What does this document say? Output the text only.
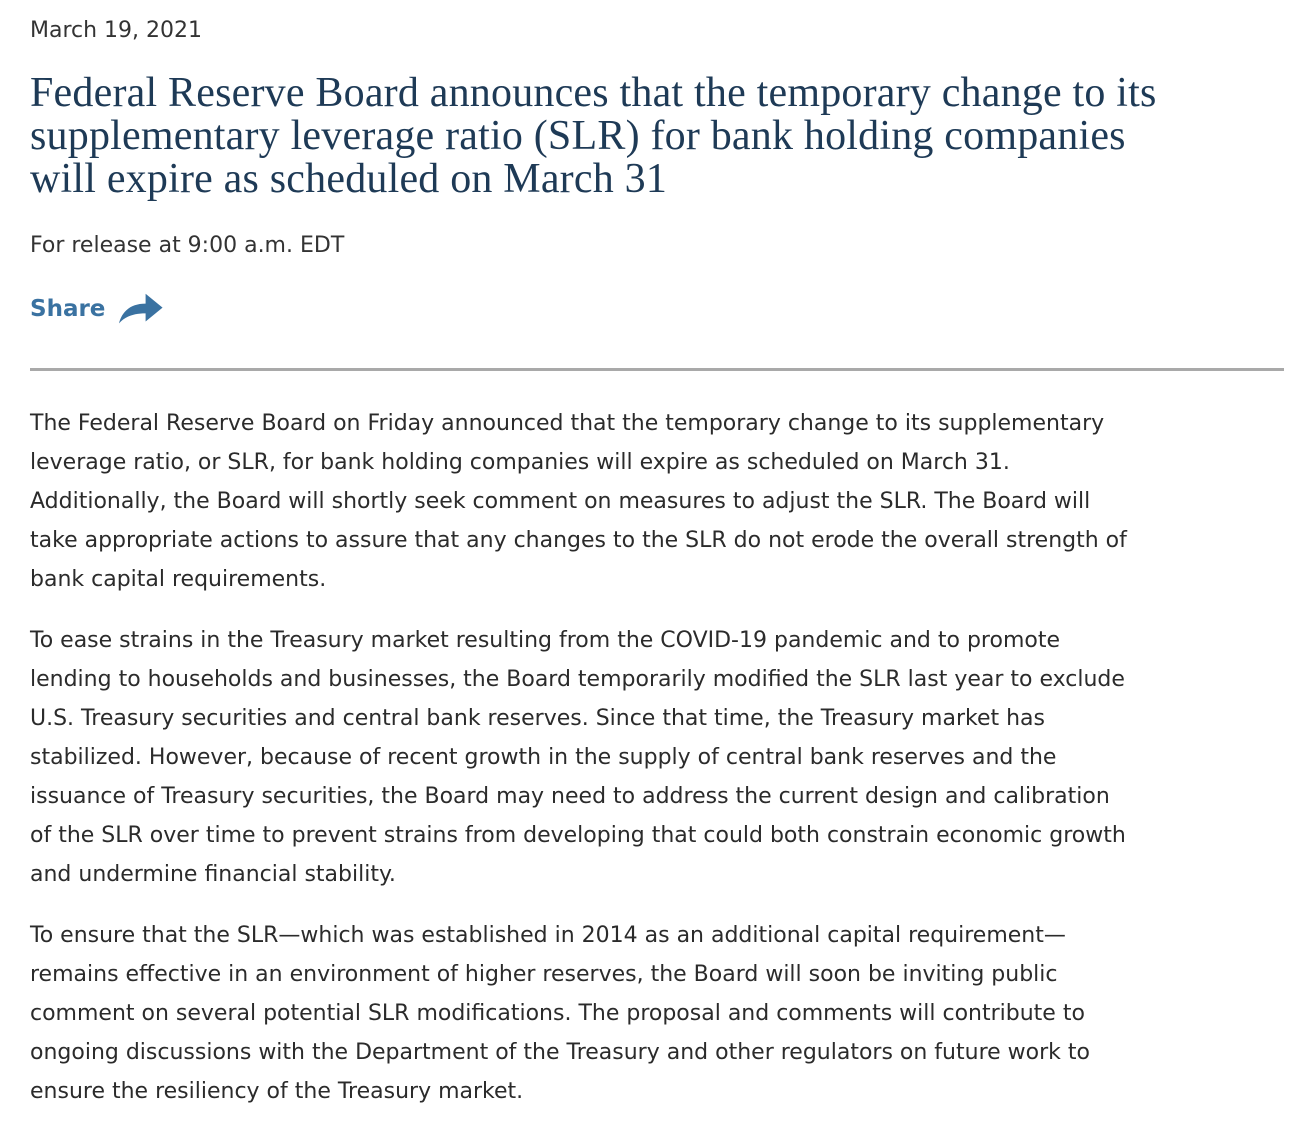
March 19, 2021
Federal Reserve Board announces that the temporary change to its
supplementary leverage ratio (SLR) for bank holding companies
will expire as scheduled on March 31
For release at 9:00 a.m. EDT
Share

The Federal Reserve Board on Friday announced that the temporary change to its supplementary
leverage ratio, or SLR, for bank holding companies will expire as scheduled on March 31.
Additionally, the Board will shortly seek comment on measures to adjust the SLR. The Board will
take appropriate actions to assure that any changes to the SLR do not erode the overall strength of
bank capital requirements.

To ease strains in the Treasury market resulting from the COVID-19 pandemic and to promote
lending to households and businesses, the Board temporarily modified the SLR last year to exclude
U.S. Treasury securities and central bank reserves. Since that time, the Treasury market has
stabilized. However, because of recent growth in the supply of central bank reserves and the
issuance of Treasury securities, the Board may need to address the current design and calibration
of the SLR over time to prevent strains from developing that could both constrain economic growth
and undermine financial stability.

To ensure that the SLR—which was established in 2014 as an additional capital requirement—
remains effective in an environment of higher reserves, the Board will soon be inviting public
comment on several potential SLR modifications. The proposal and comments will contribute to
ongoing discussions with the Department of the Treasury and other regulators on future work to
ensure the resiliency of the Treasury market.
